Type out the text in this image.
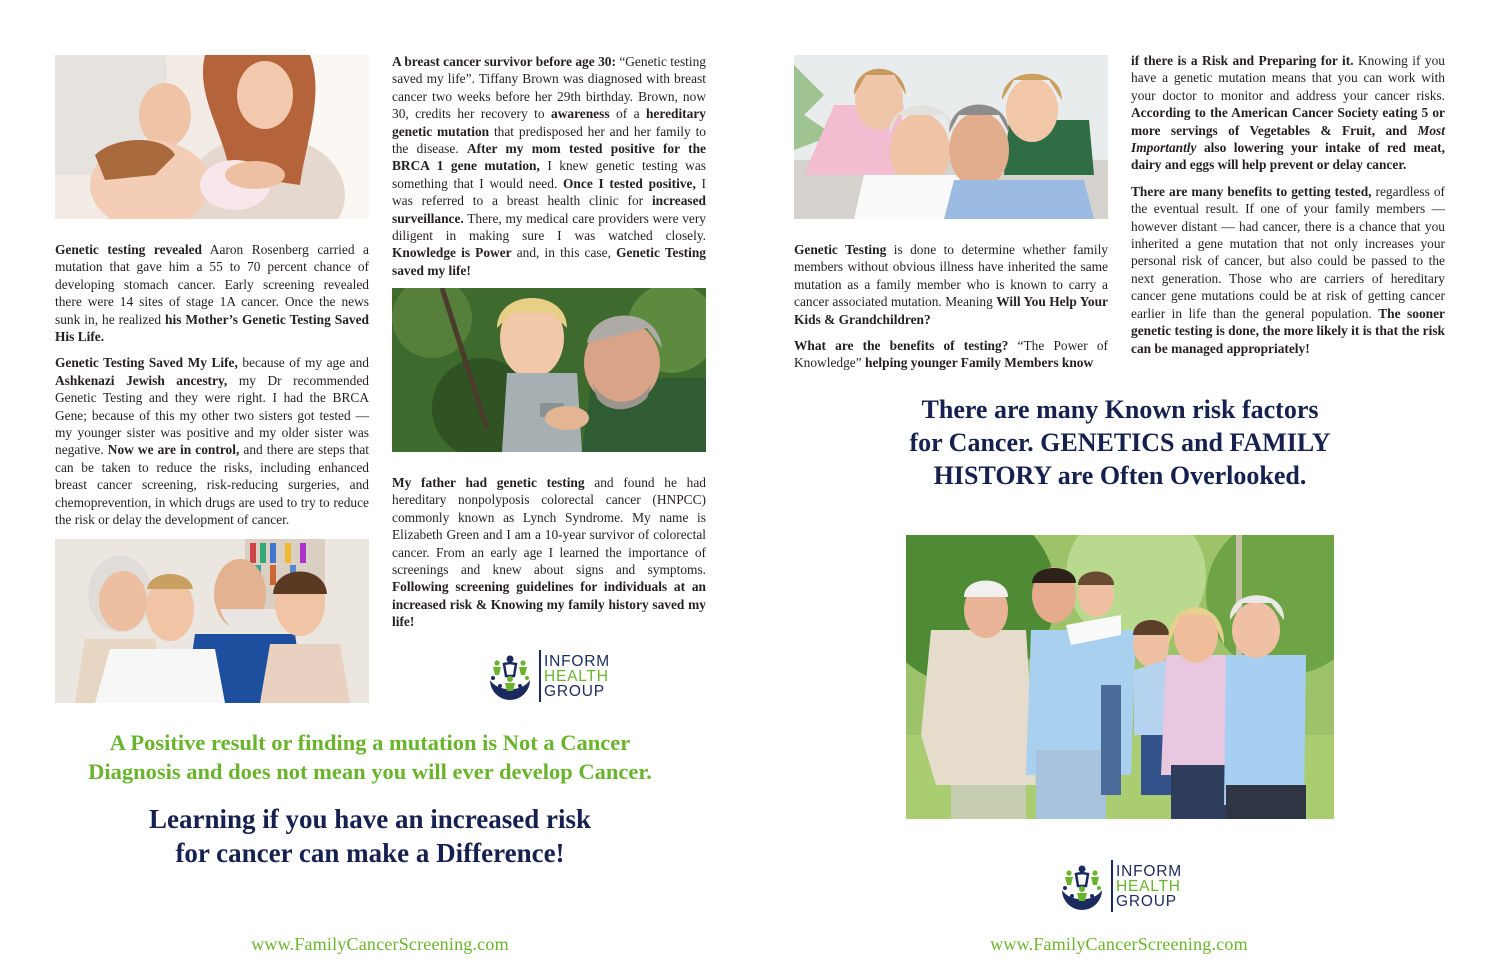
Genetic testing revealed Aaron Rosenberg carried a mutation that gave him a 55 to 70 percent chance of developing stomach cancer. Early screening revealed there were 14 sites of stage 1A cancer. Once the news sunk in, he realized his Mother’s Genetic Testing Saved His Life.

Genetic Testing Saved My Life, because of my age and Ashkenazi Jewish ancestry, my Dr recommended Genetic Testing and they were right. I had the BRCA Gene; because of this my other two sisters got tested — my younger sister was positive and my older sister was negative. Now we are in control, and there are steps that can be taken to reduce the risks, including enhanced breast cancer screening, risk-reducing surgeries, and chemoprevention, in which drugs are used to try to reduce the risk or delay the development of cancer.

A breast cancer survivor before age 30: “Genetic testing saved my life”. Tiffany Brown was diagnosed with breast cancer two weeks before her 29th birthday. Brown, now 30, credits her recovery to awareness of a hereditary genetic mutation that predisposed her and her family to the disease. After my mom tested positive for the BRCA 1 gene mutation, I knew genetic testing was something that I would need. Once I tested positive, I was referred to a breast health clinic for increased surveillance. There, my medical care providers were very diligent in making sure I was watched closely. Knowledge is Power and, in this case, Genetic Testing saved my life!

My father had genetic testing and found he had hereditary nonpolyposis colorectal cancer (HNPCC) commonly known as Lynch Syndrome. My name is Elizabeth Green and I am a 10-year survivor of colorectal cancer. From an early age I learned the importance of screenings and knew about signs and symptoms. Following screening guidelines for individuals at an increased risk & Knowing my family history saved my life!

INFORM
HEALTH
GROUP
A Positive result or finding a mutation is Not a Cancer
Diagnosis and does not mean you will ever develop Cancer.
Learning if you have an increased risk
for cancer can make a Difference!
www.FamilyCancerScreening.com

Genetic Testing is done to determine whether family members without obvious illness have inherited the same mutation as a family member who is known to carry a cancer associated mutation. Meaning Will You Help Your Kids & Grandchildren?

What are the benefits of testing? “The Power of Knowledge” helping younger Family Members know

if there is a Risk and Preparing for it. Knowing if you have a genetic mutation means that you can work with your doctor to monitor and address your cancer risks. According to the American Cancer Society eating 5 or more servings of Vegetables & Fruit, and Most Importantly also lowering your intake of red meat, dairy and eggs will help prevent or delay cancer.

There are many benefits to getting tested, regardless of the eventual result. If one of your family members — however distant — had cancer, there is a chance that you inherited a gene mutation that not only increases your personal risk of cancer, but also could be passed to the next generation. Those who are carriers of hereditary cancer gene mutations could be at risk of getting cancer earlier in life than the general population. The sooner genetic testing is done, the more likely it is that the risk can be managed appropriately!

There are many Known risk factors
for Cancer. GENETICS and FAMILY
HISTORY are Often Overlooked.
INFORM
HEALTH
GROUP
www.FamilyCancerScreening.com
